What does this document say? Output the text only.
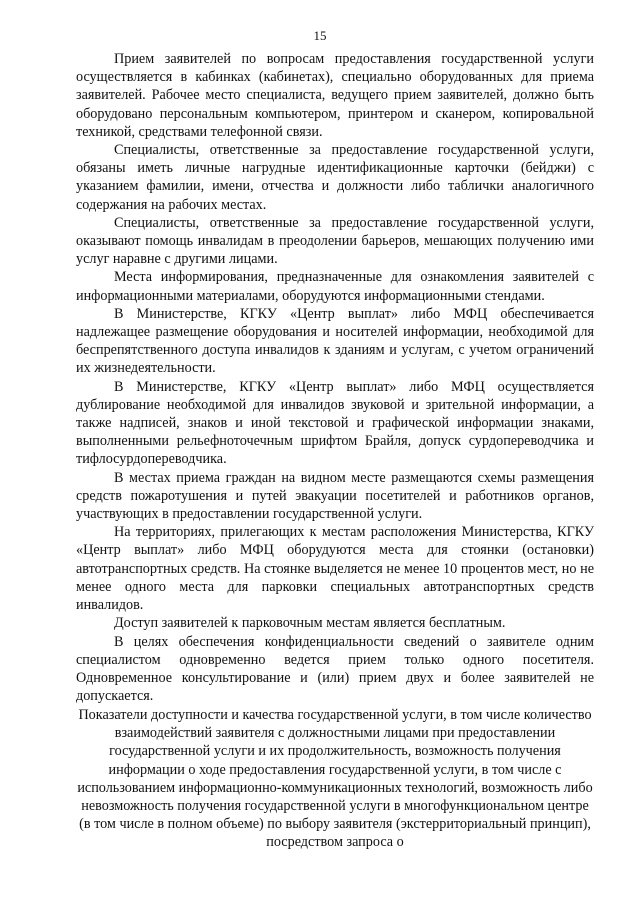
15

Прием заявителей по вопросам предоставления государственной услуги осуществляется в кабинках (кабинетах), специально оборудованных для приема заявителей. Рабочее место специалиста, ведущего прием заявителей, должно быть оборудовано персональным компьютером, принтером и сканером, копировальной техникой, средствами телефонной связи.

Специалисты, ответственные за предоставление государственной услуги, обязаны иметь личные нагрудные идентификационные карточки (бейджи) с указанием фамилии, имени, отчества и должности либо таблички аналогичного содержания на рабочих местах.

Специалисты, ответственные за предоставление государственной услуги, оказывают помощь инвалидам в преодолении барьеров, мешающих получению ими услуг наравне с другими лицами.

Места информирования, предназначенные для ознакомления заявителей с информационными материалами, оборудуются информационными стендами.

В Министерстве, КГКУ «Центр выплат» либо МФЦ обеспечивается надлежащее размещение оборудования и носителей информации, необходимой для беспрепятственного доступа инвалидов к зданиям и услугам, с учетом ограничений их жизнедеятельности.

В Министерстве, КГКУ «Центр выплат» либо МФЦ осуществляется дублирование необходимой для инвалидов звуковой и зрительной информации, а также надписей, знаков и иной текстовой и графической информации знаками, выполненными рельефноточечным шрифтом Брайля, допуск сурдопереводчика и тифлосурдопереводчика.

В местах приема граждан на видном месте размещаются схемы размещения средств пожаротушения и путей эвакуации посетителей и работников органов, участвующих в предоставлении государственной услуги.

На территориях, прилегающих к местам расположения Министерства, КГКУ «Центр выплат» либо МФЦ оборудуются места для стоянки (остановки) автотранспортных средств. На стоянке выделяется не менее 10 процентов мест, но не менее одного места для парковки специальных автотранспортных средств инвалидов.

Доступ заявителей к парковочным местам является бесплатным.

В целях обеспечения конфиденциальности сведений о заявителе одним специалистом одновременно ведется прием только одного посетителя. Одновременное консультирование и (или) прием двух и более заявителей не допускается.

Показатели доступности и качества государственной услуги, в том числе количество взаимодействий заявителя с должностными лицами при предоставлении государственной услуги и их продолжительность, возможность получения информации о ходе предоставления государственной услуги, в том числе с использованием информационно-коммуникационных технологий, возможность либо невозможность получения государственной услуги в многофункциональном центре (в том числе в полном объеме) по выбору заявителя (экстерриториальный принцип), посредством запроса о
